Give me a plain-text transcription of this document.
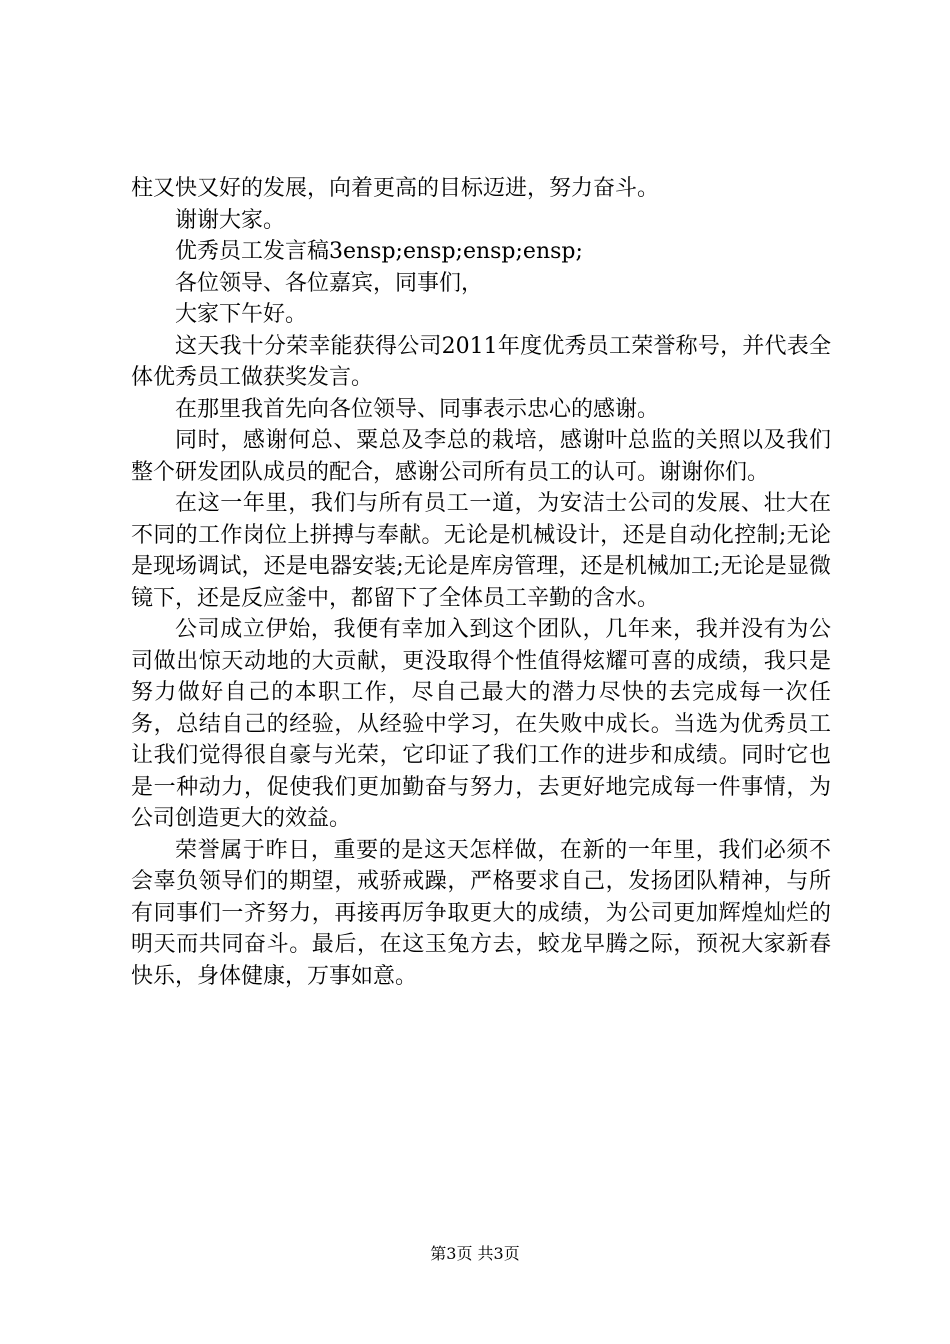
柱又快又好的发展，向着更高的目标迈进，努力奋斗。

谢谢大家。

优秀员工发言稿3ensp;ensp;ensp;ensp;

各位领导、各位嘉宾，同事们，

大家下午好。

这天我十分荣幸能获得公司2011年度优秀员工荣誉称号，并代表全体优秀员工做获奖发言。

在那里我首先向各位领导、同事表示忠心的感谢。

同时，感谢何总、粟总及李总的栽培，感谢叶总监的关照以及我们整个研发团队成员的配合，感谢公司所有员工的认可。谢谢你们。

在这一年里，我们与所有员工一道，为安洁士公司的发展、壮大在不同的工作岗位上拼搏与奉献。无论是机械设计，还是自动化控制;无论是现场调试，还是电器安装;无论是库房管理，还是机械加工;无论是显微镜下，还是反应釜中，都留下了全体员工辛勤的含水。

公司成立伊始，我便有幸加入到这个团队，几年来，我并没有为公司做出惊天动地的大贡献，更没取得个性值得炫耀可喜的成绩，我只是努力做好自己的本职工作，尽自己最大的潜力尽快的去完成每一次任务，总结自己的经验，从经验中学习，在失败中成长。当选为优秀员工让我们觉得很自豪与光荣，它印证了我们工作的进步和成绩。同时它也是一种动力，促使我们更加勤奋与努力，去更好地完成每一件事情，为公司创造更大的效益。

荣誉属于昨日，重要的是这天怎样做，在新的一年里，我们必须不会辜负领导们的期望，戒骄戒躁，严格要求自己，发扬团队精神，与所有同事们一齐努力，再接再厉争取更大的成绩，为公司更加辉煌灿烂的明天而共同奋斗。最后，在这玉兔方去，蛟龙早腾之际，预祝大家新春快乐，身体健康，万事如意。

第3页 共3页
